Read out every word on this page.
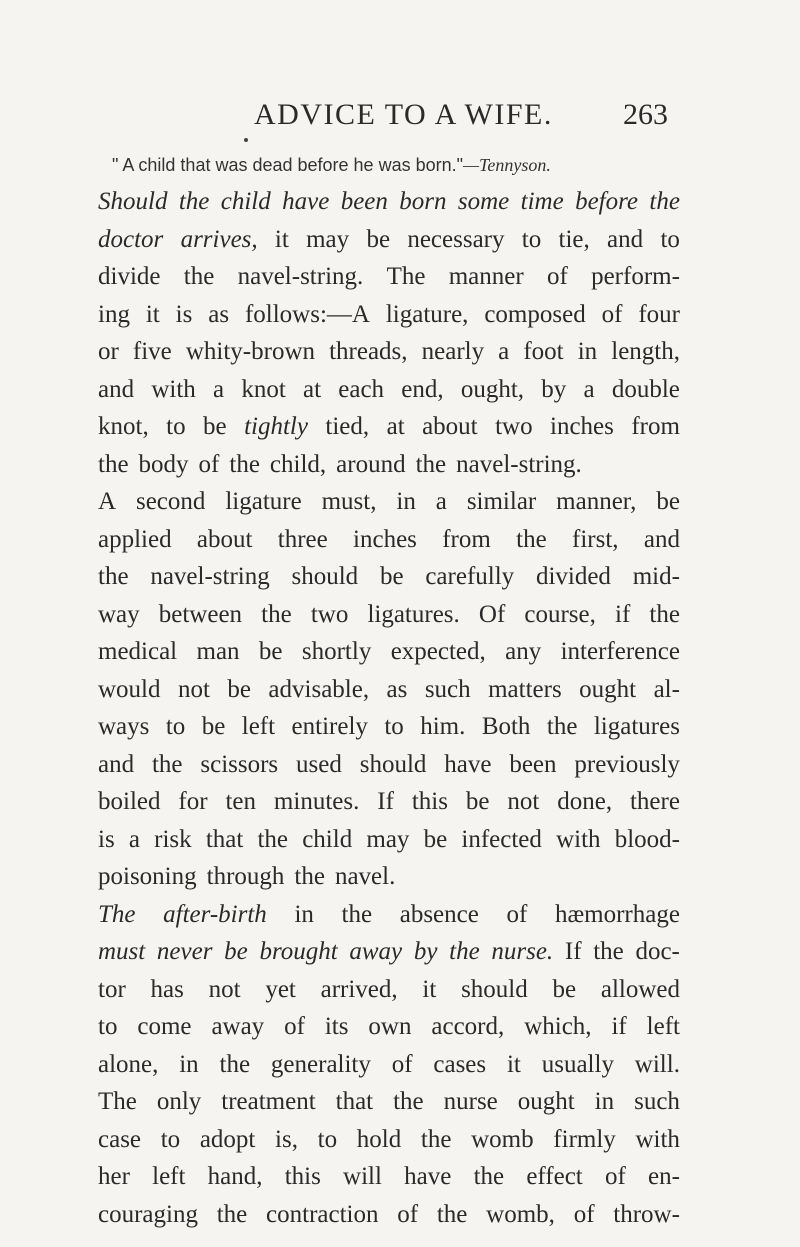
ADVICE TO A WIFE. 263
" A child that was dead before he was born."—Tennyson.
Should the child have been born some time before the
doctor arrives, it may be necessary to tie, and to
divide the navel-string. The manner of perform-
ing it is as follows:—A ligature, composed of four
or five whity-brown threads, nearly a foot in length,
and with a knot at each end, ought, by a double
knot, to be tightly tied, at about two inches from
the body of the child, around the navel-string.
A second ligature must, in a similar manner, be
applied about three inches from the first, and
the navel-string should be carefully divided mid-
way between the two ligatures. Of course, if the
medical man be shortly expected, any interference
would not be advisable, as such matters ought al-
ways to be left entirely to him. Both the ligatures
and the scissors used should have been previously
boiled for ten minutes. If this be not done, there
is a risk that the child may be infected with blood-
poisoning through the navel.
The after-birth in the absence of hæmorrhage
must never be brought away by the nurse. If the doc-
tor has not yet arrived, it should be allowed
to come away of its own accord, which, if left
alone, in the generality of cases it usually will.
The only treatment that the nurse ought in such
case to adopt is, to hold the womb firmly with
her left hand, this will have the effect of en-
couraging the contraction of the womb, of throw-
